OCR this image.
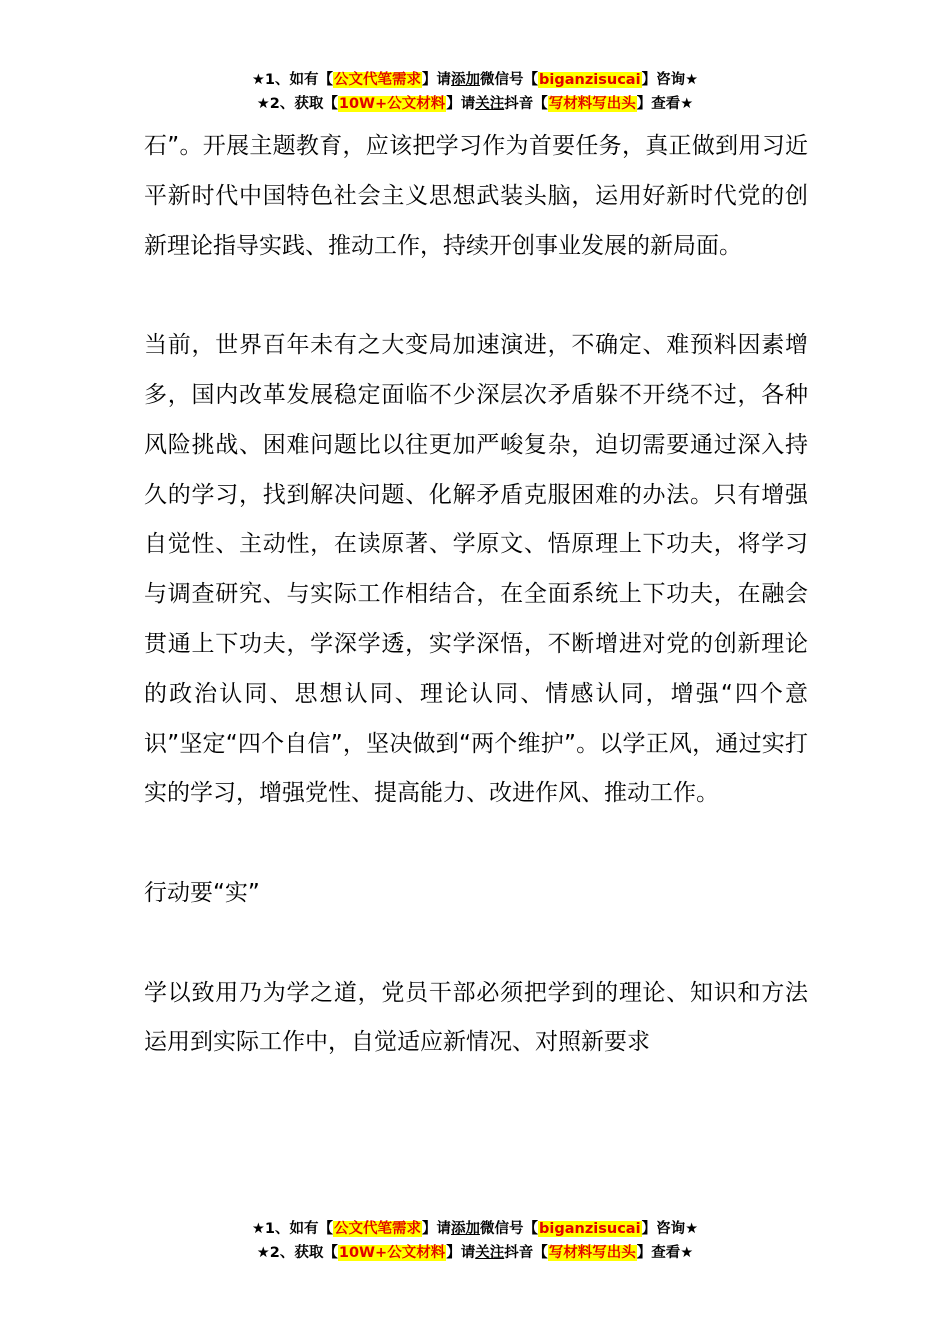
★1、如有【公文代笔需求】请添加微信号【biganzisucai】咨询★
★2、获取【10W+公文材料】请关注抖音【写材料写出头】查看★

石”。开展主题教育，应该把学习作为首要任务，真正做到用习近平新时代中国特色社会主义思想武装头脑，运用好新时代党的创新理论指导实践、推动工作，持续开创事业发展的新局面。

当前，世界百年未有之大变局加速演进，不确定、难预料因素增多，国内改革发展稳定面临不少深层次矛盾躲不开绕不过，各种风险挑战、困难问题比以往更加严峻复杂，迫切需要通过深入持久的学习，找到解决问题、化解矛盾克服困难的办法。只有增强自觉性、主动性，在读原著、学原文、悟原理上下功夫，将学习与调查研究、与实际工作相结合，在全面系统上下功夫，在融会贯通上下功夫，学深学透，实学深悟，不断增进对党的创新理论的政治认同、思想认同、理论认同、情感认同，增强“四个意识”坚定“四个自信”，坚决做到“两个维护”。以学正风，通过实打实的学习，增强党性、提高能力、改进作风、推动工作。

行动要“实”

学以致用乃为学之道，党员干部必须把学到的理论、知识和方法运用到实际工作中，自觉适应新情况、对照新要求

★1、如有【公文代笔需求】请添加微信号【biganzisucai】咨询★
★2、获取【10W+公文材料】请关注抖音【写材料写出头】查看★
